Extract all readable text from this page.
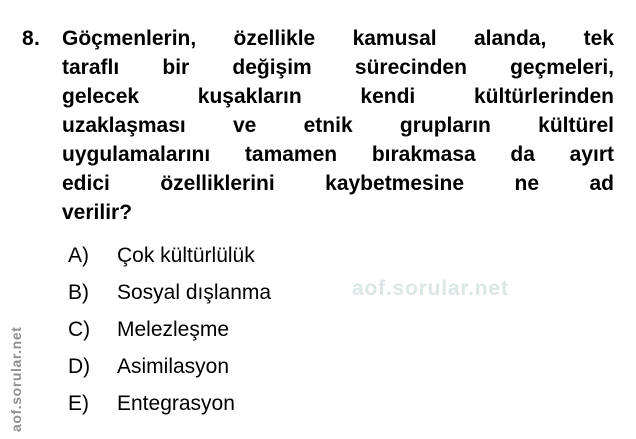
8. Göçmenlerin, özellikle kamusal alanda, tek
taraflı bir değişim sürecinden geçmeleri,
gelecek kuşakların kendi kültürlerinden
uzaklaşması ve etnik grupların kültürel
uygulamalarını tamamen bırakmasa da ayırt
edici özelliklerini kaybetmesine ne ad
verilir?
A)	Çok kültürlülük
B)	Sosyal dışlanma
C)	Melezleşme
D)	Asimilasyon
E)	Entegrasyon
aof.sorular.net
aof.sorular.net
